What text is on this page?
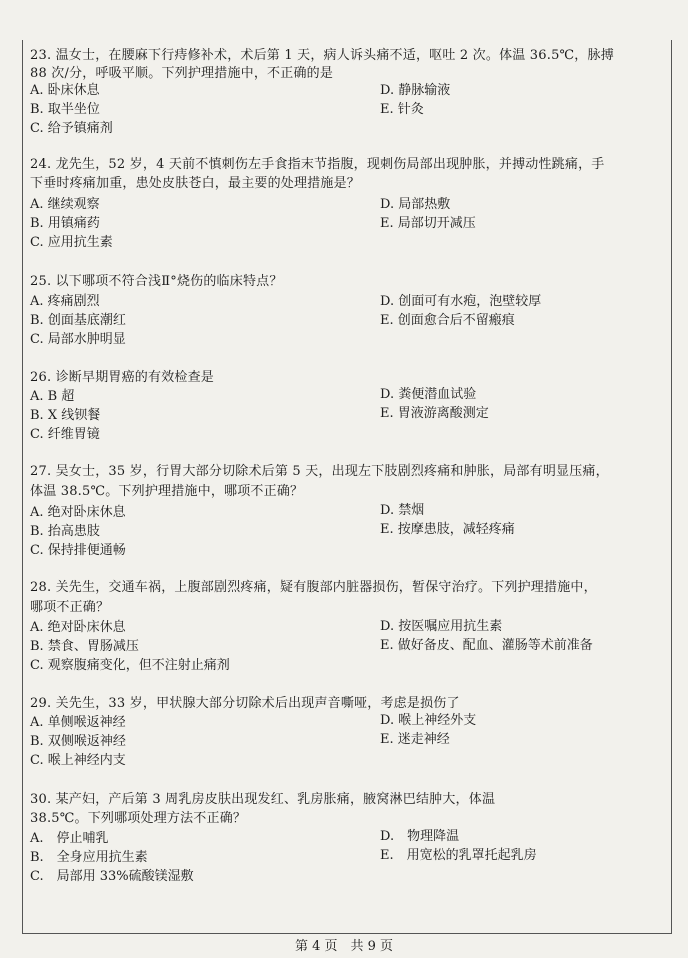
23. 温女士，在腰麻下行痔修补术，术后第 1 天，病人诉头痛不适，呕吐 2 次。体温 36.5℃，脉搏
88 次/分，呼吸平顺。下列护理措施中，不正确的是
A. 卧床休息
B. 取半坐位
C. 给予镇痛剂
D. 静脉输液
E. 针灸
24. 龙先生，52 岁，4 天前不慎刺伤左手食指末节指腹，现刺伤局部出现肿胀，并搏动性跳痛，手
下垂时疼痛加重，患处皮肤苍白，最主要的处理措施是？
A. 继续观察
B. 用镇痛药
C. 应用抗生素
D. 局部热敷
E. 局部切开减压
25. 以下哪项不符合浅Ⅱ°烧伤的临床特点？
A. 疼痛剧烈
B. 创面基底潮红
C. 局部水肿明显
D. 创面可有水疱，泡壁较厚
E. 创面愈合后不留瘢痕
26. 诊断早期胃癌的有效检查是
A. B 超
B. X 线钡餐
C. 纤维胃镜
D. 粪便潜血试验
E. 胃液游离酸测定
27. 吴女士，35 岁，行胃大部分切除术后第 5 天，出现左下肢剧烈疼痛和肿胀，局部有明显压痛，
体温 38.5℃。下列护理措施中，哪项不正确？
A. 绝对卧床休息
B. 抬高患肢
C. 保持排便通畅
D. 禁烟
E. 按摩患肢，减轻疼痛
28. 关先生，交通车祸，上腹部剧烈疼痛，疑有腹部内脏器损伤，暂保守治疗。下列护理措施中，
哪项不正确？
A. 绝对卧床休息
B. 禁食、胃肠减压
C. 观察腹痛变化，但不注射止痛剂
D. 按医嘱应用抗生素
E. 做好备皮、配血、灌肠等术前准备
29. 关先生，33 岁，甲状腺大部分切除术后出现声音嘶哑，考虑是损伤了
A. 单侧喉返神经
B. 双侧喉返神经
C. 喉上神经内支
D. 喉上神经外支
E. 迷走神经
30. 某产妇，产后第 3 周乳房皮肤出现发红、乳房胀痛，腋窝淋巴结肿大，体温
38.5℃。下列哪项处理方法不正确？
A.　停止哺乳
B.　全身应用抗生素
C.　局部用 33%硫酸镁湿敷
D.　物理降温
E.　用宽松的乳罩托起乳房
第 4 页　共 9 页
